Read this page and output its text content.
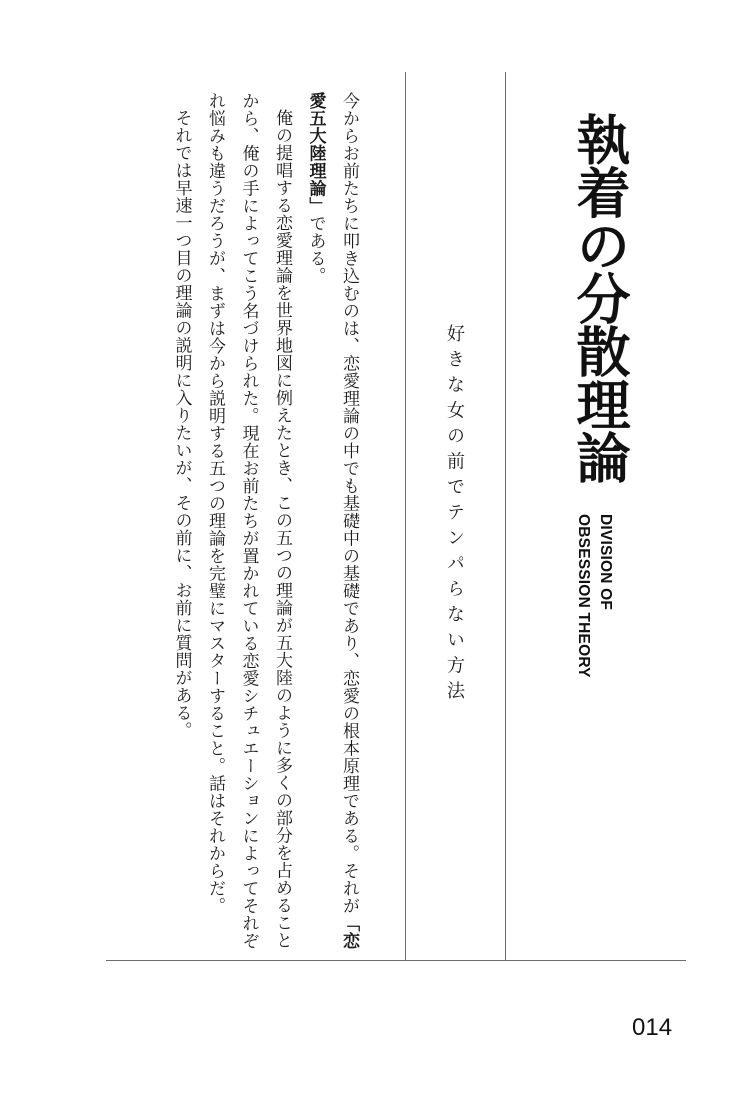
執着の分散理論
DIVISION OF
OBSESSION THEORY
好きな女の前でテンパらない方法

今からお前たちに叩き込むのは、恋愛理論の中でも基礎中の基礎であり、恋愛の根本原理である。それが「恋愛五大陸理論」である。

俺の提唱する恋愛理論を世界地図に例えたとき、この五つの理論が五大陸のように多くの部分を占めることから、俺の手によってこう名づけられた。現在お前たちが置かれている恋愛シチュエーションによってそれぞれ悩みも違うだろうが、まずは今から説明する五つの理論を完璧にマスターすること。話はそれからだ。

それでは早速一つ目の理論の説明に入りたいが、その前に、お前に質問がある。

014
